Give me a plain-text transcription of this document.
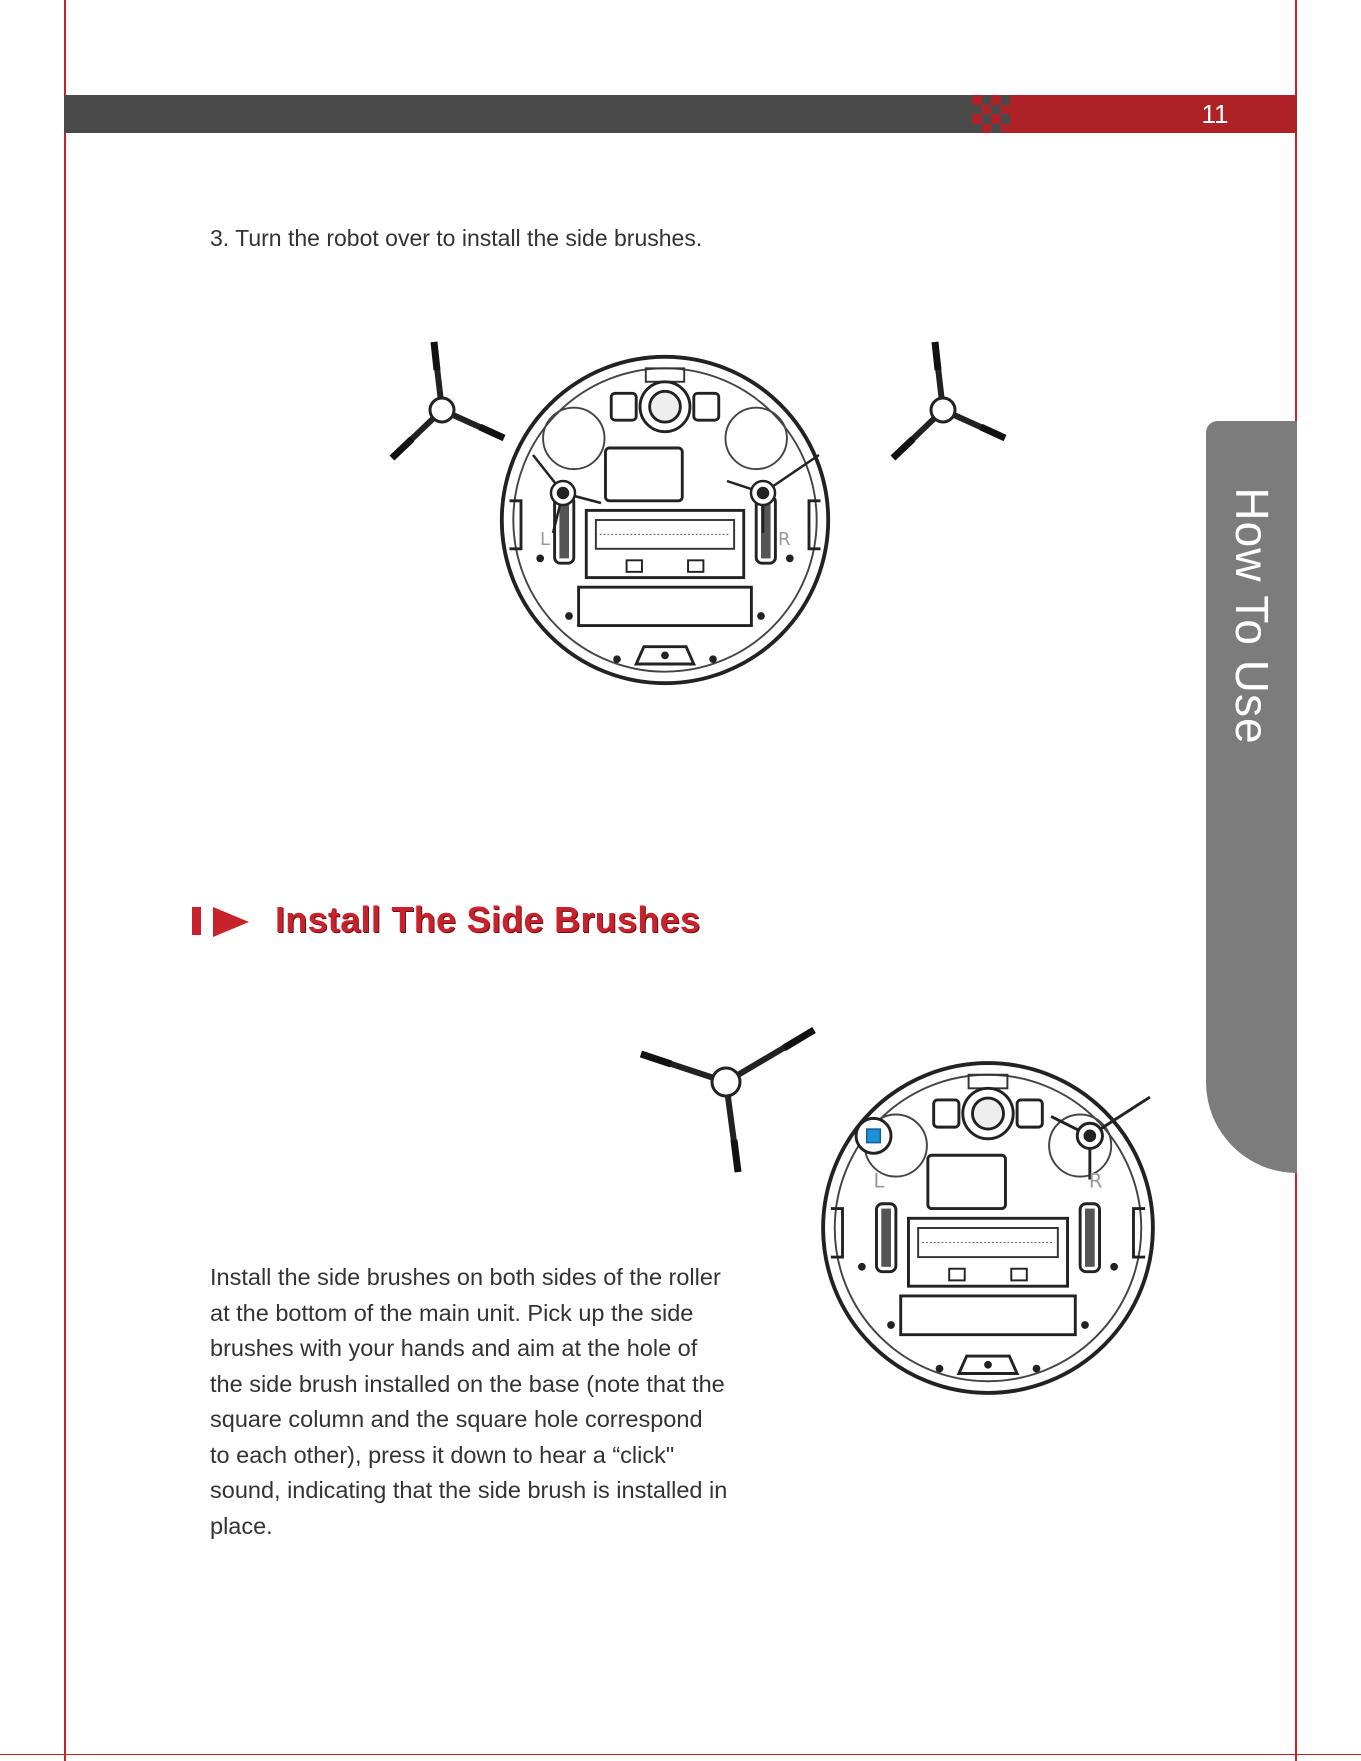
11
3. Turn the robot over to install the side brushes.
How To Use
L	R
Install The Side Brushes
L	R

Install the side brushes on both sides of the roller

at the bottom of the main unit. Pick up the side

brushes with your hands and aim at the hole of

the side brush installed on the base (note that the

square column and the square hole correspond

to each other), press it down to hear a “click"

sound, indicating that the side brush is installed in

place.
